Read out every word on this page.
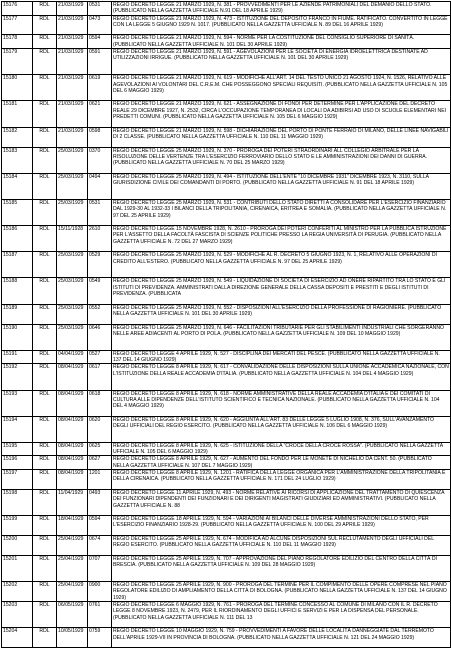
15176	RDL	21/03/1929	0531	REGIO DECRETO LEGGE 21 MARZO 1929, N. 381 - PROVVEDIMENTI PER LE AZIENDE PATRIMONIALI DEL DEMANIO DELLO STATO. (PUBBLICATO NELLA GAZZETTA UFFICIALE N.91 DEL 18 APRILE 1929)
15177	RDL	21/03/1929	0473	REGIO DECRETO LEGGE 21 MARZO 1929, N. 473 - ISTITUZIONE DEL DEPOSITO FRANCO IN FIUME. RATIFICATO. CONVERTITO IN LEGGE CON LA LEGGE 5 GIUGNO 1929 N. 1017. (PUBBLICATO NELLA GAZZETTA UFFICIALE N. 89 DEL 16 APRILE 1929)
15178	RDL	21/03/1929	0594	REGIO DECRETO LEGGE 21 MARZO 1929, N. 594 - NORME PER LA COSTITUZIONE DEL CONSIGLIO SUPERIORE DI SANITÀ. (PUBBLICATO NELLA GAZZETTA UFFICIALE N. 101 DEL 30 APRILE 1929)
15179	RDL	21/03/1929	0591	REGIO DECRETO LEGGE 21 MARZO 1929, N. 591 - AGEVOLAZIONI PER LE SOCIETÀ DI ENERGIA IDROELETTRICA DESTINATE AD UTILIZZAZIONI IRRIGUE. (PUBBLICATO NELLA GAZZETTA UFFICIALE N. 101 DEL 30 APRILE 1929)
15180	RDL	21/03/1929	0619	REGIO DECRETO LEGGE 21 MARZO 1929, N. 619 - MODIFICHE ALL'ART. 14 DEL TESTO UNICO 21 AGOSTO 1924, N. 1526, RELATIVO ALLE AGEVOLAZIONI AI VOLONTARI DEL C.R.E.M. CHE POSSEGGONO SPECIALI REQUISITI. (PUBBLICATO NELLA GAZZETTA UFFICIALE N. 105 DEL 6 MAGGIO 1929)
15181	RDL	21/03/1929	0621	REGIO DECRETO LEGGE 21 MARZO 1929, N. 621 - ASSEGNAZIONE DI FONDI PER DETERMINE PER L'APPLICAZIONE DEL DECRETO REALE 29 DICEMBRE 1927, N. 2532, CIRCA L'OCCUPAZIONE TEMPORANEA DI LOCALI DA ADIBIRSI AD USO DI SCUOLE ELEMENTARI NEI PREDETTI COMUNI. (PUBBLICATO NELLA GAZZETTA UFFICIALE N. 105 DEL 6 MAGGIO 1929)
15182	RDL	21/03/1929	0598	REGIO DECRETO LEGGE 21 MARZO 1929, N. 598 - DICHIARAZIONE DEL PORTO DI PONTE FERRAIO DI MILANO, DELLE LINEE NAVIGABILI DI 2 CLASSE. (PUBBLICATO NELLA GAZZETTA UFFICIALE N. 110 DEL 11 MAGGIO 1929)
15183	RDL	25/03/1929	0370	REGIO DECRETO LEGGE 25 MARZO 1929, N. 370 - PROROGA DEI POTERI STRAORDINARI ALL COLLEGIO ARBITRALE PER LA RISOLUZIONE DELLE VERTENZE TRA L'ESERCIZIO FERROVIARIO DELLO STATO E LE AMMINISTRAZIONI DEI DANNI DI GUERRA. (PUBBLICATO NELLA GAZZETTA UFFICIALE N. 70 DEL 25 MARZO 1929)
15184	RDL	25/03/1929	0494	REGIO DECRETO LEGGE 25 MARZO 1929, N. 494 - ISTITUZIONE DELL'ENTE "10 DICEMBRE 1931" DICEMBRE 1923, N. 3110, SULLA GIURISDIZIONE CIVILE DEI COMANDANTI DI PORTO. (PUBBLICATO NELLA GAZZETTA UFFICIALE N. 91 DEL 18 APRILE 1929)
15185	RDL	25/03/1929	0531	REGIO DECRETO LEGGE 25 MARZO 1929, N. 531 - CONTRIBUTI DELLO STATO DIRETTI A CONSOLIDARE PER L'ESERCIZIO FINANZIARIO DAL 1929-30 AL 1932-33 I BILANCI DELLA TRIPOLITANIA, CIRENAICA, ERITREA E SOMALIA. (PUBBLICATO NELLA GAZZETTA UFFICIALE N. 97 DEL 25 APRILE 1929)
15186	RDL	15/11/1928	2610	REGIO DECRETO LEGGE 15 NOVEMBRE 1928, N. 2610 - PROROGA DEI POTERI CONFERITI AL MINISTRO PER LA PUBBLICA ISTRUZIONE PER L'ASSETTO DELLA FACOLTÀ FASCISTA DI SCIENZE POLITICHE PRESSO LA REGIA UNIVERSITÀ DI PERUGIA. (PUBBLICATO NELLA GAZZETTA UFFICIALE N. 72 DEL 27 MARZO 1929)
15187	RDL	25/03/1929	0529	REGIO DECRETO LEGGE 25 MARZO 1929, N. 529 - MODIFICHE AL R. DECRETO 5 GIUGNO 1923, N. 1, RELATIVO ALLE OPERAZIONI DI CREDITO ALL'ESTERO. (PUBBLICATO NELLA GAZZETTA UFFICIALE N. 97 DEL 25 APRILE 1929)
15188	RDL	25/03/1929	0549	REGIO DECRETO LEGGE 25 MARZO 1929, N. 549 - LIQUIDAZIONE DI SOCIETÀ DI ESERCIZIO AD ONERE RIPARTITO TRA LO STATO E GLI ISTITUTI DI PREVIDENZA. AMMINISTRATI DALLA DIREZIONE GENERALE DELLA CASSA DEPOSITI E PRESTITI E DEGLI ISTITUTI DI PREVIDENZA. (PUBBLICATA
15189	RDL	25/03/1929	0552	REGIO DECRETO LEGGE 25 MARZO 1929, N. 552 - DISPOSIZIONI ALL'ESERCIZIO DELLA PROFESSIONE DI RAGIONIERE. (PUBBLICATO NELLA GAZZETTA UFFICIALE N. 101 DEL 30 APRILE 1929)
15190	RDL	25/03/1929	0646	REGIO DECRETO LEGGE 25 MARZO 1929, N. 646 - FACILITAZIONI TRIBUTARIE PER GLI STABILIMENTI INDUSTRIALI CHE SORGERANNO NELLE AREE ADIACENTI AL PORTO DI POLA. (PUBBLICATO NELLA GAZZETTA UFFICIALE N. 109 DEL 10 MAGGIO 1929)
15191	RDL	04/04/1929	0527	REGIO DECRETO LEGGE 4 APRILE 1929, N. 527 - DISCIPLINA DEI MERCATI DEL PESCE. (PUBBLICATO NELLA GAZZETTA UFFICIALE N. 137 DEL 14 GIUGNO 1929)
15192	RDL	08/04/1929	0617	REGIO DECRETO LEGGE 8 APRILE 1929, N. 617 - CONVALIDAZIONE DELLE DISPOSIZIONI SULLA UNIONE ACCADEMICA NAZIONALE, CON L'ISTITUZIONE DELLA REALE ACCADEMIA D'ITALIA. (PUBBLICATO NELLA GAZZETTA UFFICIALE N. 104 DEL 4 MAGGIO 1929)
15193	RDL	08/04/1929	0618	REGIO DECRETO LEGGE 8 APRILE 1929, N. 618 - NORME AMMINISTRATIVE DELLA REALE ACCADEMIA D'ITALIA E DEI COMITATI DI CULTURA ALLE DIPENDENZE DELL'ISTITUTO SCIENTIFICO E TECNICA NAZIONALE. (PUBBLICATO NELLA GAZZETTA UFFICIALE N. 104 DEL 4 MAGGIO 1929)
15194	RDL	08/04/1929	0620	REGIO DECRETO LEGGE 8 APRILE 1929, N. 620 - AGGIUNTA ALL'ART. 83 DELLE LEGGE 5 LUGLIO 1908, N. 376, SULL'AVANZAMENTO DEGLI UFFICIALI DEL REGIO ESERCITO. (PUBBLICATO NELLA GAZZETTA UFFICIALE N. 106 DEL 6 MAGGIO 1929)
15195	RDL	08/04/1929	0625	REGIO DECRETO LEGGE 8 APRILE 1929, N. 625 - ISTITUZIONE DELLA "CROCE DELLA CROCE ROSSA". (PUBBLICATO NELLA GAZZETTA UFFICIALE N. 105 DEL 6 MAGGIO 1929)
15196	RDL	08/04/1929	0627	REGIO DECRETO LEGGE 8 APRILE 1929, N. 627 - AUMENTO DEL FONDO PER LE MONETE DI NICHELIO DA CENT. 50. (PUBBLICATO NELLA GAZZETTA UFFICIALE N. 107 DEL 7 MAGGIO 1929)
15197	RDL	08/04/1929	1201	REGIO DECRETO LEGGE 8 APRILE 1929, N. 1201 - RATIFICA DELLA LEGGE ORGANICA PER L'AMMINISTRAZIONE DELLA TRIPOLITANIA E DELLA CIRENAICA. (PUBBLICATO NELLA GAZZETTA UFFICIALE N. 171 DEL 24 LUGLIO 1929)
15198	RDL	11/04/1929	0493	REGIO DECRETO LEGGE 11 APRILE 1929, N. 493 - NORME RELATIVE AI RICORSI DI APPLICAZIONE DEL TRATTAMENTO DI QUIESCENZA DEI FUNZIONARI DIPENDENTI DEI FUNZIONARI E DEI DIRIGENTI MAGISTRATI GIUDIZIARI ED AMMINISTRATIVI. (PUBBLICATO NELLA GAZZETTA UFFICIALE N. 88
15199	RDL	18/04/1929	0594	REGIO DECRETO LEGGE 18 APRILE 1929, N. 594 - VARIAZIONI AI BILANCI DELLE DIVERSE AMMINISTRAZIONI DELLO STATO, PER L'ESERCIZIO FINANZIARIO 1928-29. (PUBBLICATO NELLA GAZZETTA UFFICIALE N. 100 DEL 29 APRILE 1929)
15200	RDL	25/04/1929	0674	REGIO DECRETO LEGGE 25 APRILE 1929, N. 674 - MODIFICA AD ALCUNE DISPOSIZIONI SUL RECLUTAMENTO DEGLI UFFICIALI DEL REGIO ESERCITO. (PUBBLICATO NELLA GAZZETTA UFFICIALE N. 110 DEL 11 MAGGIO 1929)
15201	RDL	25/04/1929	0707	REGIO DECRETO LEGGE 25 APRILE 1929, N. 707 - APPROVAZIONE DEL PIANO REGOLATORE EDILIZIO DEL CENTRO DELLA CITTÀ DI BRESCIA. (PUBBLICATO NELLA GAZZETTA UFFICIALE N. 109 DEL 28 MAGGIO 1929)
15202	RDL	25/04/1929	0900	REGIO DECRETO LEGGE 25 APRILE 1929, N. 900 - PROROGA DEL TERMINE PER IL COMPIMENTO DELLE OPERE COMPRESE NEL PIANO REGOLATORE EDILIZIO DI AMPLIAMENTO DELLA CITTÀ DI BOLOGNA. (PUBBLICATO NELLA GAZZETTA UFFICIALE N. 137 DEL 14 GIUGNO 1929)
15203	RDL	06/05/1929	0761	REGIO DECRETO LEGGE 6 MAGGIO 1929, N. 761 - PROROGA DEL TERMINE CONCESSO AL COMUNE DI MILANO CON IL R. DECRETO LEGGE 8 NOVEMBRE 1923, N. 2479, PER IL RIORDINAMENTO DEGLI UFFICI E SERVIZI E PER LA DISPENSA DEL PERSONALE. (PUBBLICATO NELLA GAZZETTA UFFICIALE N. 111 DEL 13
15204	RDL	10/05/1929	0759	REGIO DECRETO LEGGE 10 MAGGIO 1929, N. 759 - PROVVEDIMENTI A FAVORE DELLE LOCALITÀ DANNEGGIATE DAL TERREMOTO DELL'APRILE 1929-VII IN PROVINCIA DI BOLOGNA. (PUBBLICATO NELLA GAZZETTA UFFICIALE N. 121 DEL 24 MAGGIO 1929)
